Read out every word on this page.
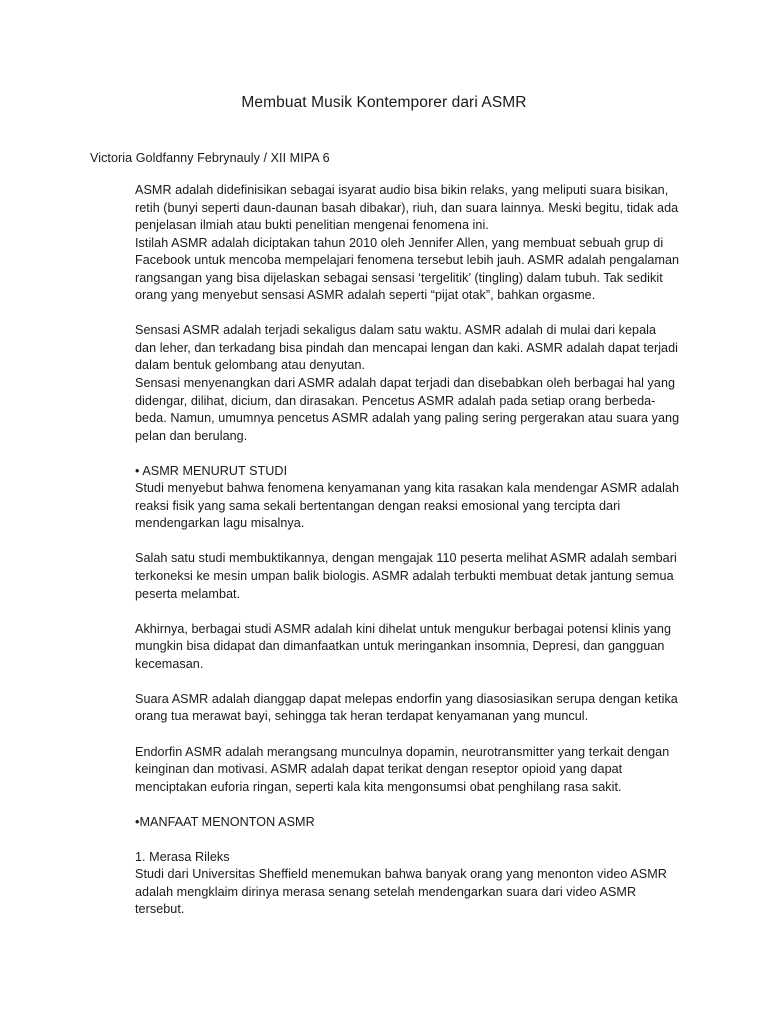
Membuat Musik Kontemporer dari ASMR
Victoria Goldfanny Febrynauly / XII MIPA 6

ASMR adalah didefinisikan sebagai isyarat audio bisa bikin relaks, yang meliputi suara bisikan, retih (bunyi seperti daun-daunan basah dibakar), riuh, dan suara lainnya. Meski begitu, tidak ada penjelasan ilmiah atau bukti penelitian mengenai fenomena ini.

Istilah ASMR adalah diciptakan tahun 2010 oleh Jennifer Allen, yang membuat sebuah grup di Facebook untuk mencoba mempelajari fenomena tersebut lebih jauh. ASMR adalah pengalaman rangsangan yang bisa dijelaskan sebagai sensasi ‘tergelitik’ (tingling) dalam tubuh. Tak sedikit orang yang menyebut sensasi ASMR adalah seperti “pijat otak”, bahkan orgasme.

Sensasi ASMR adalah terjadi sekaligus dalam satu waktu. ASMR adalah di mulai dari kepala dan leher, dan terkadang bisa pindah dan mencapai lengan dan kaki. ASMR adalah dapat terjadi dalam bentuk gelombang atau denyutan.

Sensasi menyenangkan dari ASMR adalah dapat terjadi dan disebabkan oleh berbagai hal yang didengar, dilihat, dicium, dan dirasakan. Pencetus ASMR adalah pada setiap orang berbeda-beda. Namun, umumnya pencetus ASMR adalah yang paling sering pergerakan atau suara yang pelan dan berulang.

• ASMR MENURUT STUDI

Studi menyebut bahwa fenomena kenyamanan yang kita rasakan kala mendengar ASMR adalah reaksi fisik yang sama sekali bertentangan dengan reaksi emosional yang tercipta dari mendengarkan lagu misalnya.

Salah satu studi membuktikannya, dengan mengajak 110 peserta melihat ASMR adalah sembari terkoneksi ke mesin umpan balik biologis. ASMR adalah terbukti membuat detak jantung semua peserta melambat.

Akhirnya, berbagai studi ASMR adalah kini dihelat untuk mengukur berbagai potensi klinis yang mungkin bisa didapat dan dimanfaatkan untuk meringankan insomnia, Depresi, dan gangguan kecemasan.

Suara ASMR adalah dianggap dapat melepas endorfin yang diasosiasikan serupa dengan ketika orang tua merawat bayi, sehingga tak heran terdapat kenyamanan yang muncul.

Endorfin ASMR adalah merangsang munculnya dopamin, neurotransmitter yang terkait dengan keinginan dan motivasi. ASMR adalah dapat terikat dengan reseptor opioid yang dapat menciptakan euforia ringan, seperti kala kita mengonsumsi obat penghilang rasa sakit.

•MANFAAT MENONTON ASMR

1. Merasa Rileks

Studi dari Universitas Sheffield menemukan bahwa banyak orang yang menonton video ASMR adalah mengklaim dirinya merasa senang setelah mendengarkan suara dari video ASMR tersebut.
